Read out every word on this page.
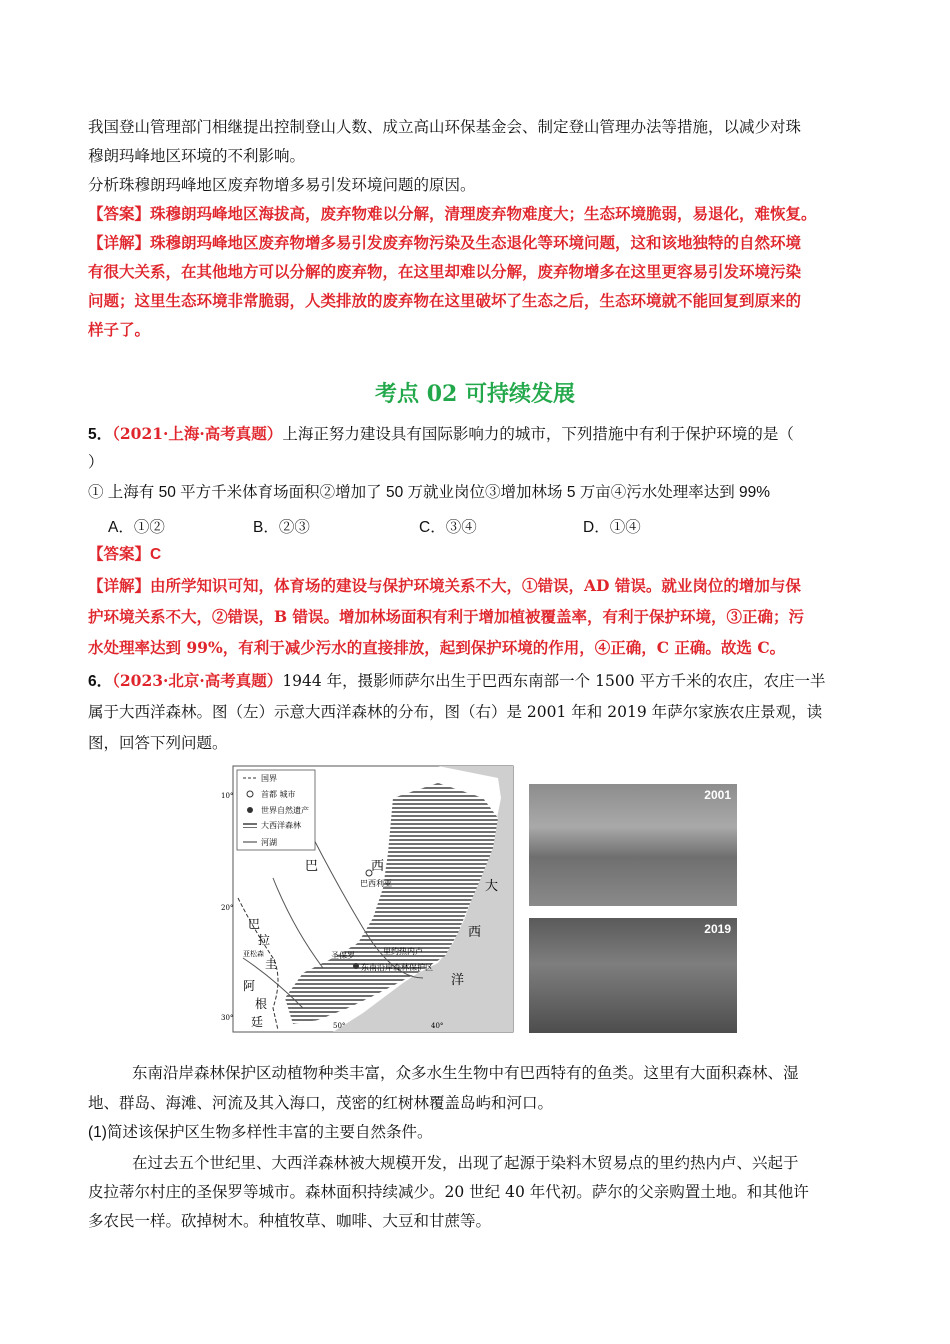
我国登山管理部门相继提出控制登山人数、成立高山环保基金会、制定登山管理办法等措施，以减少对珠
穆朗玛峰地区环境的不利影响。
分析珠穆朗玛峰地区废弃物增多易引发环境问题的原因。
【答案】珠穆朗玛峰地区海拔高，废弃物难以分解，清理废弃物难度大；生态环境脆弱，易退化，难恢复。
【详解】珠穆朗玛峰地区废弃物增多易引发废弃物污染及生态退化等环境问题，这和该地独特的自然环境
有很大关系，在其他地方可以分解的废弃物，在这里却难以分解，废弃物增多在这里更容易引发环境污染
问题；这里生态环境非常脆弱，人类排放的废弃物在这里破坏了生态之后，生态环境就不能回复到原来的
样子了。
考点 02 可持续发展
5．（2021·上海·高考真题）上海正努力建设具有国际影响力的城市，下列措施中有利于保护环境的是（
）
① 上海有 50 平方千米体育场面积②增加了 50 万就业岗位③增加林场 5 万亩④污水处理率达到 99%
A．①②	B．②③	C．③④	D．①④
【答案】C
【详解】由所学知识可知，体育场的建设与保护环境关系不大，①错误，AD 错误。就业岗位的增加与保
护环境关系不大，②错误，B 错误。增加林场面积有利于增加植被覆盖率，有利于保护环境，③正确；污
水处理率达到 99%，有利于减少污水的直接排放，起到保护环境的作用，④正确，C 正确。故选 C。
6．（2023·北京·高考真题）1944 年，摄影师萨尔出生于巴西东南部一个 1500 平方千米的农庄，农庄一半
属于大西洋森林。图（左）示意大西洋森林的分布，图（右）是 2001 年和 2019 年萨尔家族农庄景观，读
图，回答下列问题。
国界
首都 城市
世界自然遗产
大西洋森林
河湖
巴	西
巴西利亚	大
西
洋
圣保罗	里约热内卢
东南沿岸森林保护区
巴
拉
圭
亚松森
阿
根
廷
10°
20°
30°
50°	40°
2001
2019
东南沿岸森林保护区动植物种类丰富，众多水生生物中有巴西特有的鱼类。这里有大面积森林、湿
地、群岛、海滩、河流及其入海口，茂密的红树林覆盖岛屿和河口。
(1)简述该保护区生物多样性丰富的主要自然条件。
在过去五个世纪里、大西洋森林被大规模开发，出现了起源于染料木贸易点的里约热内卢、兴起于
皮拉蒂尔村庄的圣保罗等城市。森林面积持续减少。20 世纪 40 年代初。萨尔的父亲购置土地。和其他许
多农民一样。砍掉树木。种植牧草、咖啡、大豆和甘蔗等。
